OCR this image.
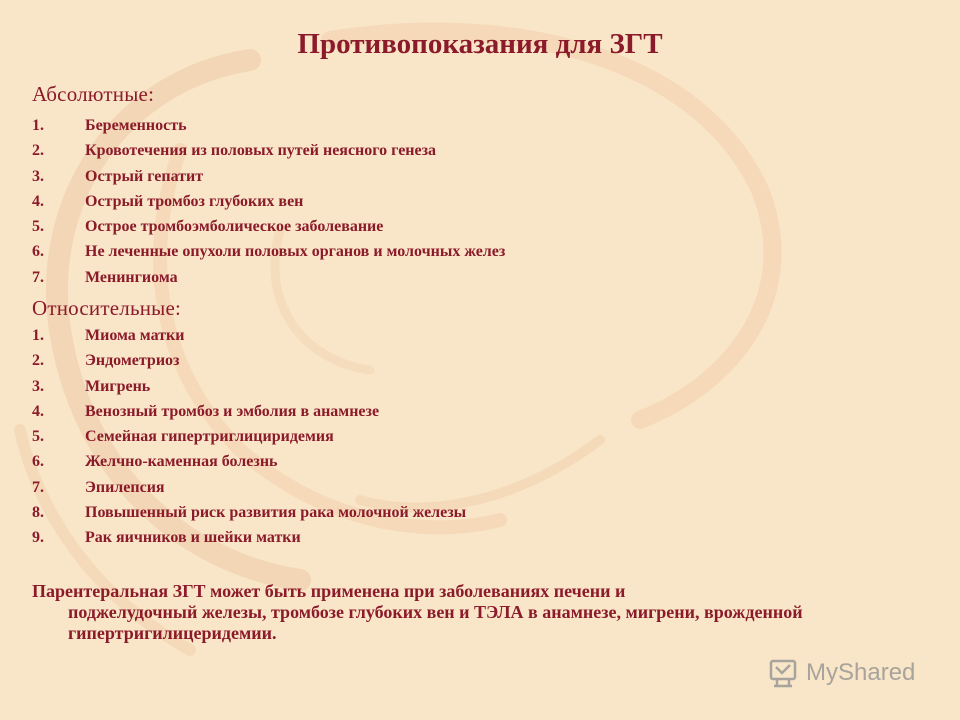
Противопоказания для ЗГТ
Абсолютные:
1.	Беременность
2.	Кровотечения из половых путей неясного генеза
3.	Острый гепатит
4.	Острый тромбоз глубоких вен
5.	Острое тромбоэмболическое заболевание
6.	Не леченные опухоли половых органов и молочных желез
7.	Менингиома
Относительные:
1.	Миома матки
2.	Эндометриоз
3.	Мигрень
4.	Венозный тромбоз и эмболия в анамнезе
5.	Семейная гипертриглициридемия
6.	Желчно-каменная болезнь
7.	Эпилепсия
8.	Повышенный риск развития рака молочной железы
9.	Рак яичников и шейки матки
Парентеральная ЗГТ может быть применена при заболеваниях печени и
поджелудочный железы, тромбозе глубоких вен и ТЭЛА в анамнезе, мигрени, врожденной гипертригилицеридемии.
MyShared
